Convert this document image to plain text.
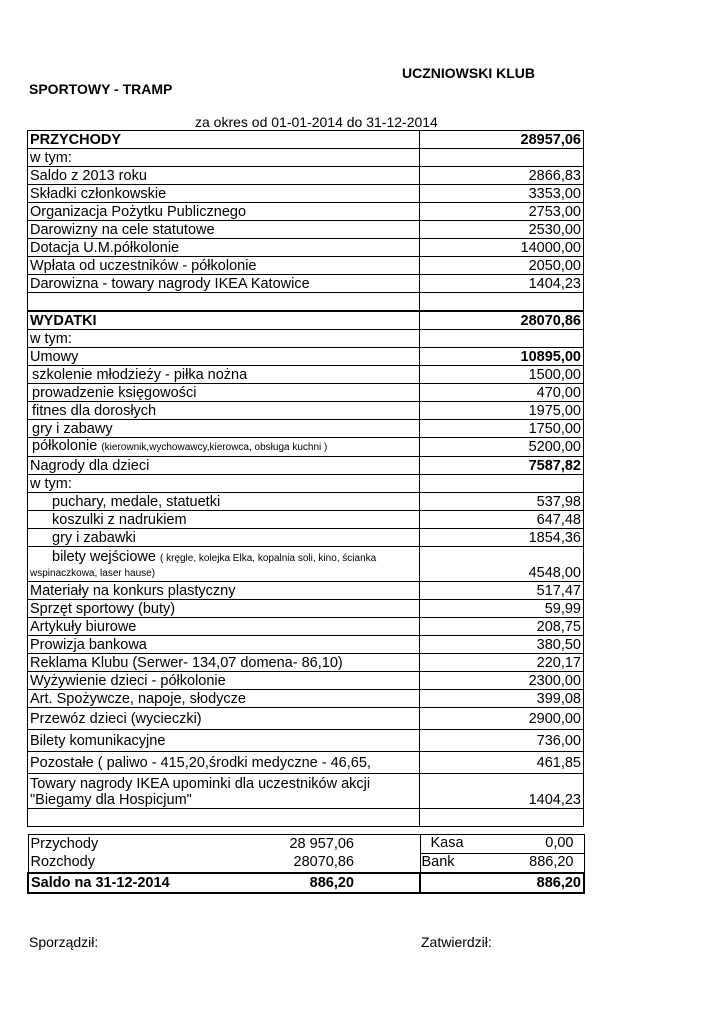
UCZNIOWSKI KLUB
SPORTOWY - TRAMP
za okres od 01-01-2014 do 31-12-2014
PRZYCHODY	28957,06
w tym:	
Saldo z 2013 roku	2866,83
Składki członkowskie	3353,00
Organizacja Pożytku Publicznego	2753,00
Darowizny na cele statutowe	2530,00
Dotacja U.M.półkolonie	14000,00
Wpłata od uczestników - półkolonie	2050,00
Darowizna - towary nagrody IKEA Katowice	1404,23

WYDATKI	28070,86
w tym:	
Umowy	10895,00
szkolenie młodzieży - piłka nożna	1500,00
prowadzenie księgowości	470,00
fitnes dla dorosłych	1975,00
gry i zabawy	1750,00
półkolonie (kierownik,wychowawcy,kierowca, obsługa kuchni )	5200,00
Nagrody dla dzieci	7587,82
w tym:	
puchary, medale, statuetki	537,98
koszulki z nadrukiem	647,48
gry i zabawki	1854,36

bilety wejściowe ( kręgle, kolejka Elka, kopalnia soli, kino, ścianka
wspinaczkowa, laser hause)	4548,00
Materiały na konkurs plastyczny	517,47
Sprzęt sportowy (buty)	59,99
Artykuły biurowe	208,75
Prowizja bankowa	380,50
Reklama Klubu (Serwer- 134,07 domena- 86,10)	220,17
Wyżywienie dzieci - półkolonie	2300,00
Art. Spożywcze, napoje, słodycze	399,08
Przewóz dzieci (wycieczki)	2900,00
Bilety komunikacyjne	736,00
Pozostałe ( paliwo - 415,20,środki medyczne - 46,65,	461,85

Towary nagrody IKEA upominki dla uczestników akcji
"Biegamy dla Hospicjum"	1404,23

Przychody	28 957,06			Kasa 0,00

Rozchody	28070,86			Bank 886,20

Saldo na 31-12-2014	886,20			886,20
Sporządził:	Zatwierdził:
